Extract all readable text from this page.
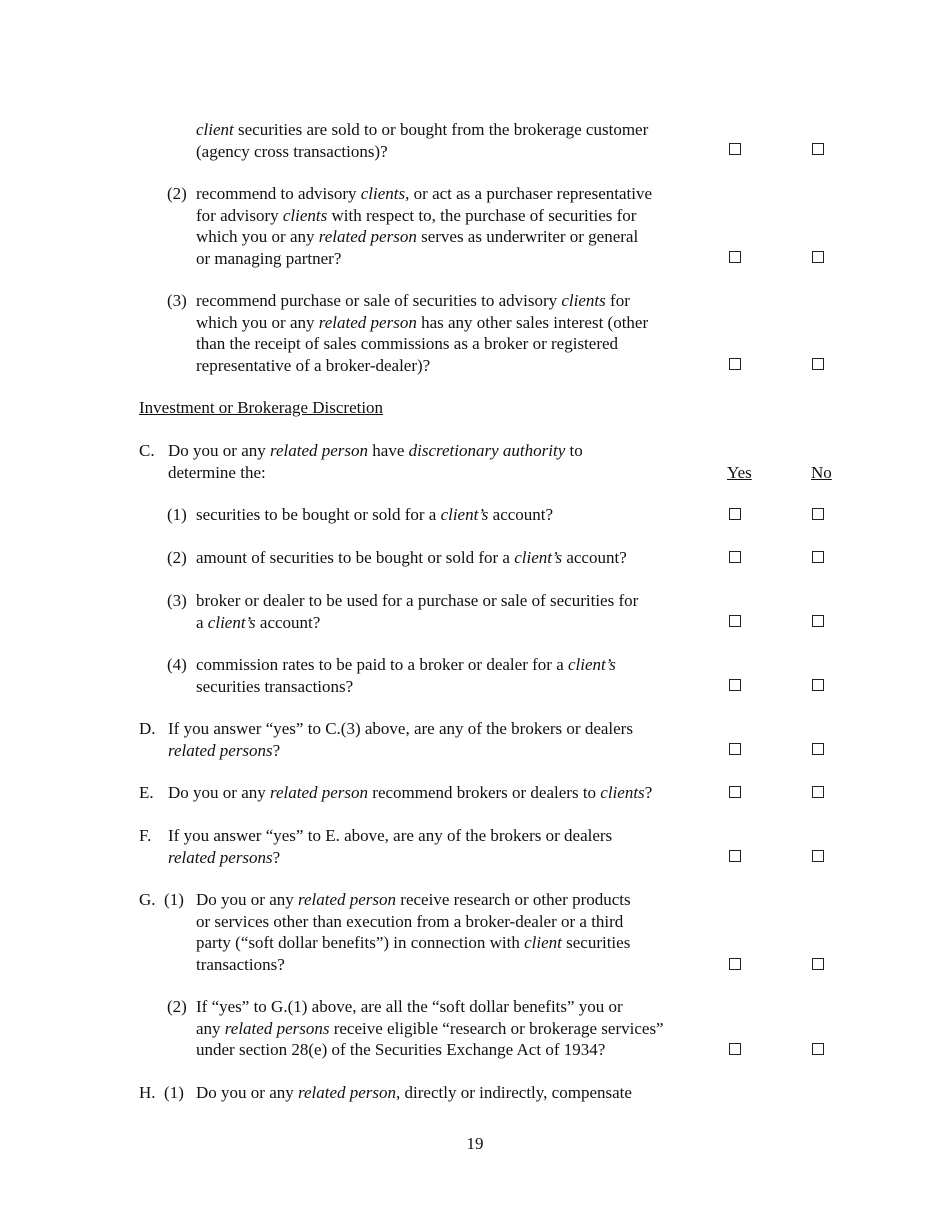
client securities are sold to or bought from the brokerage customer
(agency cross transactions)?
(2) recommend to advisory clients, or act as a purchaser representative
for advisory clients with respect to, the purchase of securities for
which you or any related person serves as underwriter or general
or managing partner?
(3) recommend purchase or sale of securities to advisory clients for
which you or any related person has any other sales interest (other
than the receipt of sales commissions as a broker or registered
representative of a broker-dealer)?
C. Do you or any related person have discretionary authority to
determine the:
(1) securities to be bought or sold for a client’s account?
(2) amount of securities to be bought or sold for a client’s account?
(3) broker or dealer to be used for a purchase or sale of securities for
a client’s account?
(4) commission rates to be paid to a broker or dealer for a client’s
securities transactions?
D. If you answer “yes” to C.(3) above, are any of the brokers or dealers
related persons?
E. Do you or any related person recommend brokers or dealers to clients?
F. If you answer “yes” to E. above, are any of the brokers or dealers
related persons?
G.  (1) Do you or any related person receive research or other products
or services other than execution from a broker-dealer or a third
party (“soft dollar benefits”) in connection with client securities
transactions?
(2) If “yes” to G.(1) above, are all the “soft dollar benefits” you or
any related persons receive eligible “research or brokerage services”
under section 28(e) of the Securities Exchange Act of 1934?
H.  (1) Do you or any related person, directly or indirectly, compensate
Investment or Brokerage Discretion
Yes	No
19
